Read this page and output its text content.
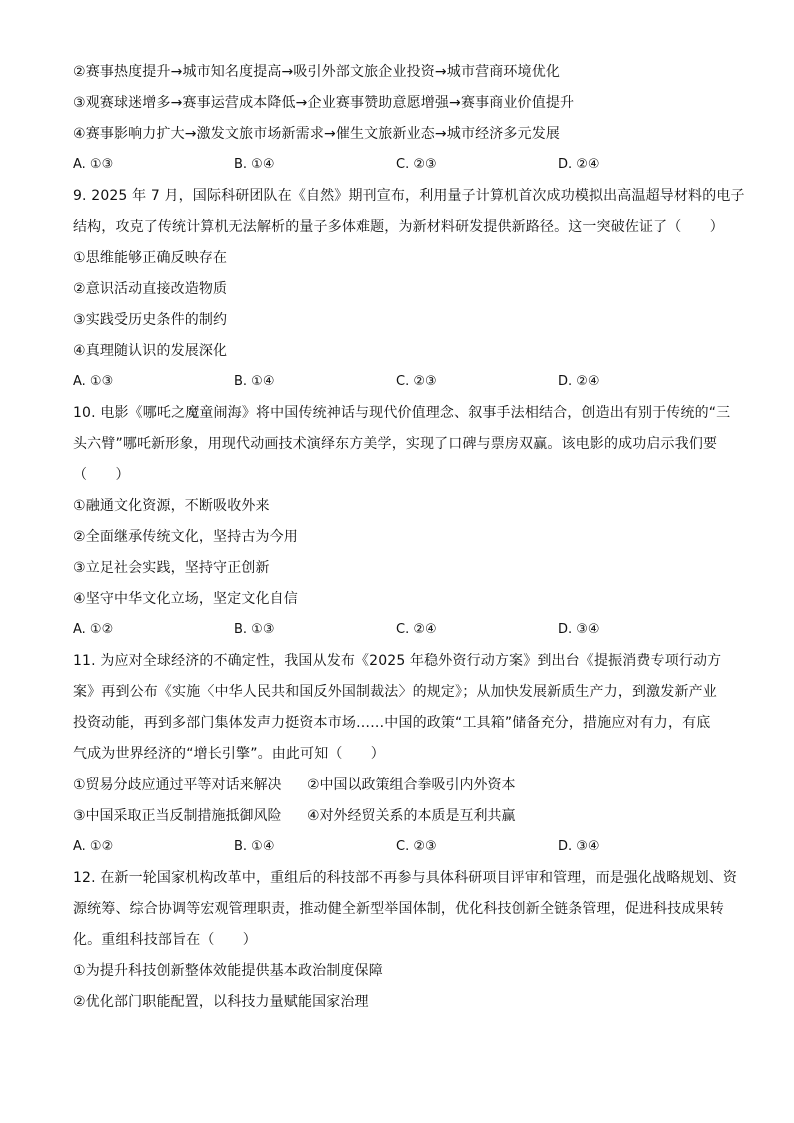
②赛事热度提升→城市知名度提高→吸引外部文旅企业投资→城市营商环境优化
③观赛球迷增多→赛事运营成本降低→企业赛事赞助意愿增强→赛事商业价值提升
④赛事影响力扩大→激发文旅市场新需求→催生文旅新业态→城市经济多元发展
A. ①③	B. ①④	C. ②③	D. ②④
9. 2025 年 7 月，国际科研团队在《自然》期刊宣布，利用量子计算机首次成功模拟出高温超导材料的电子
结构，攻克了传统计算机无法解析的量子多体难题，为新材料研发提供新路径。这一突破佐证了（　　）
①思维能够正确反映存在
②意识活动直接改造物质
③实践受历史条件的制约
④真理随认识的发展深化
A. ①③	B. ①④	C. ②③	D. ②④
10. 电影《哪吒之魔童闹海》将中国传统神话与现代价值理念、叙事手法相结合，创造出有别于传统的“三
头六臂”哪吒新形象，用现代动画技术演绎东方美学，实现了口碑与票房双赢。该电影的成功启示我们要
（　　）
①融通文化资源，不断吸收外来
②全面继承传统文化，坚持古为今用
③立足社会实践，坚持守正创新
④坚守中华文化立场，坚定文化自信
A. ①②	B. ①③	C. ②④	D. ③④
11. 为应对全球经济的不确定性，我国从发布《2025 年稳外资行动方案》到出台《提振消费专项行动方
案》再到公布《实施〈中华人民共和国反外国制裁法〉的规定》；从加快发展新质生产力，到激发新产业
投资动能，再到多部门集体发声力挺资本市场……中国的政策“工具箱”储备充分，措施应对有力，有底
气成为世界经济的“增长引擎”。由此可知（　　）
①贸易分歧应通过平等对话来解决 ②中国以政策组合拳吸引内外资本
③中国采取正当反制措施抵御风险 ④对外经贸关系的本质是互利共赢
A. ①②	B. ①④	C. ②③	D. ③④
12. 在新一轮国家机构改革中，重组后的科技部不再参与具体科研项目评审和管理，而是强化战略规划、资
源统筹、综合协调等宏观管理职责，推动健全新型举国体制，优化科技创新全链条管理，促进科技成果转
化。重组科技部旨在（　　）
①为提升科技创新整体效能提供基本政治制度保障
②优化部门职能配置，以科技力量赋能国家治理
